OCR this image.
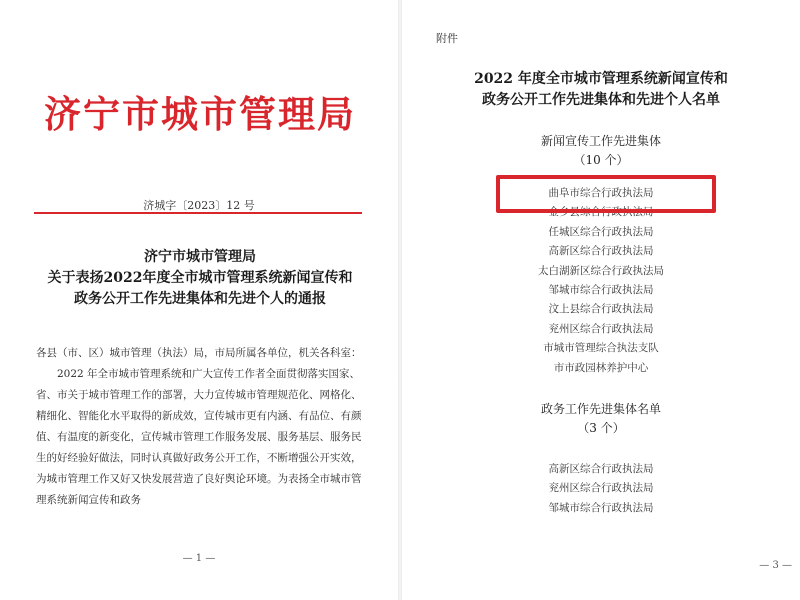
济宁市城市管理局
济城字〔2023〕12 号
济宁市城市管理局
关于表扬2022年度全市城市管理系统新闻宣传和
政务公开工作先进集体和先进个人的通报

各县（市、区）城市管理（执法）局，市局所属各单位，机关各科室：

2022 年全市城市管理系统和广大宣传工作者全面贯彻落实国家、省、市关于城市管理工作的部署，大力宣传城市管理规范化、网格化、精细化、智能化水平取得的新成效，宣传城市更有内涵、有品位、有颜值、有温度的新变化，宣传城市管理工作服务发展、服务基层、服务民生的好经验好做法，同时认真做好政务公开工作，不断增强公开实效，为城市管理工作又好又快发展营造了良好舆论环境。为表扬全市城市管理系统新闻宣传和政务

— 1 —
附件
2022 年度全市城市管理系统新闻宣传和
政务公开工作先进集体和先进个人名单
新闻宣传工作先进集体
（10 个）
曲阜市综合行政执法局
金乡县综合行政执法局
任城区综合行政执法局
高新区综合行政执法局
太白湖新区综合行政执法局
邹城市综合行政执法局
汶上县综合行政执法局
兖州区综合行政执法局
市城市管理综合执法支队
市市政园林养护中心
政务工作先进集体名单
（3 个）
高新区综合行政执法局
兖州区综合行政执法局
邹城市综合行政执法局
— 3 —
